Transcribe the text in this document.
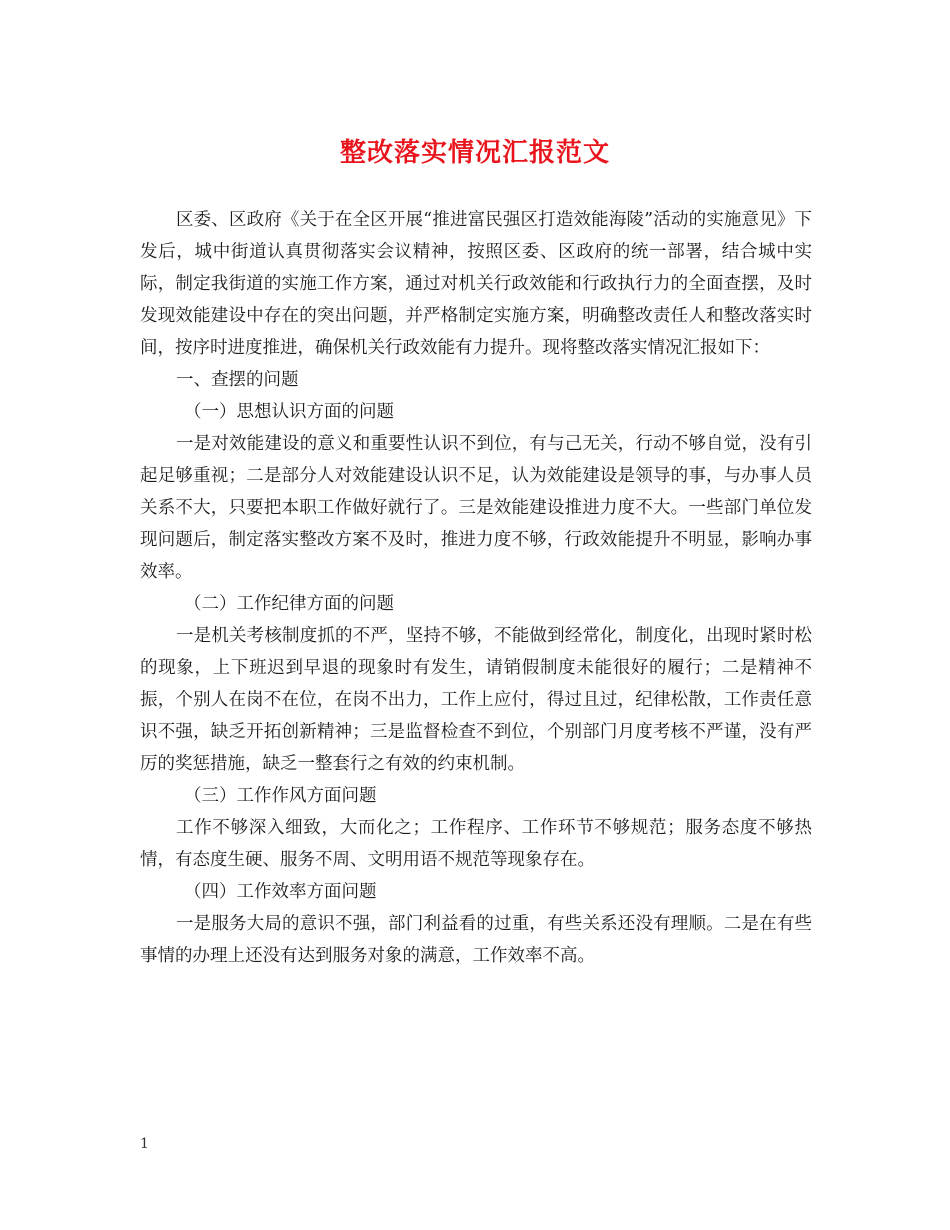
整改落实情况汇报范文

区委、区政府《关于在全区开展“推进富民强区打造效能海陵”活动的实施意见》下发后，城中街道认真贯彻落实会议精神，按照区委、区政府的统一部署，结合城中实际，制定我街道的实施工作方案，通过对机关行政效能和行政执行力的全面查摆，及时发现效能建设中存在的突出问题，并严格制定实施方案，明确整改责任人和整改落实时间，按序时进度推进，确保机关行政效能有力提升。现将整改落实情况汇报如下：

一、查摆的问题

（一）思想认识方面的问题

一是对效能建设的意义和重要性认识不到位，有与己无关，行动不够自觉，没有引起足够重视；二是部分人对效能建设认识不足，认为效能建设是领导的事，与办事人员关系不大，只要把本职工作做好就行了。三是效能建设推进力度不大。一些部门单位发现问题后，制定落实整改方案不及时，推进力度不够，行政效能提升不明显，影响办事效率。

（二）工作纪律方面的问题

一是机关考核制度抓的不严，坚持不够，不能做到经常化，制度化，出现时紧时松的现象，上下班迟到早退的现象时有发生，请销假制度未能很好的履行；二是精神不振，个别人在岗不在位，在岗不出力，工作上应付，得过且过，纪律松散，工作责任意识不强，缺乏开拓创新精神；三是监督检查不到位，个别部门月度考核不严谨，没有严厉的奖惩措施，缺乏一整套行之有效的约束机制。

（三）工作作风方面问题

工作不够深入细致，大而化之；工作程序、工作环节不够规范；服务态度不够热情，有态度生硬、服务不周、文明用语不规范等现象存在。

（四）工作效率方面问题

一是服务大局的意识不强，部门利益看的过重，有些关系还没有理顺。二是在有些事情的办理上还没有达到服务对象的满意，工作效率不高。

1
